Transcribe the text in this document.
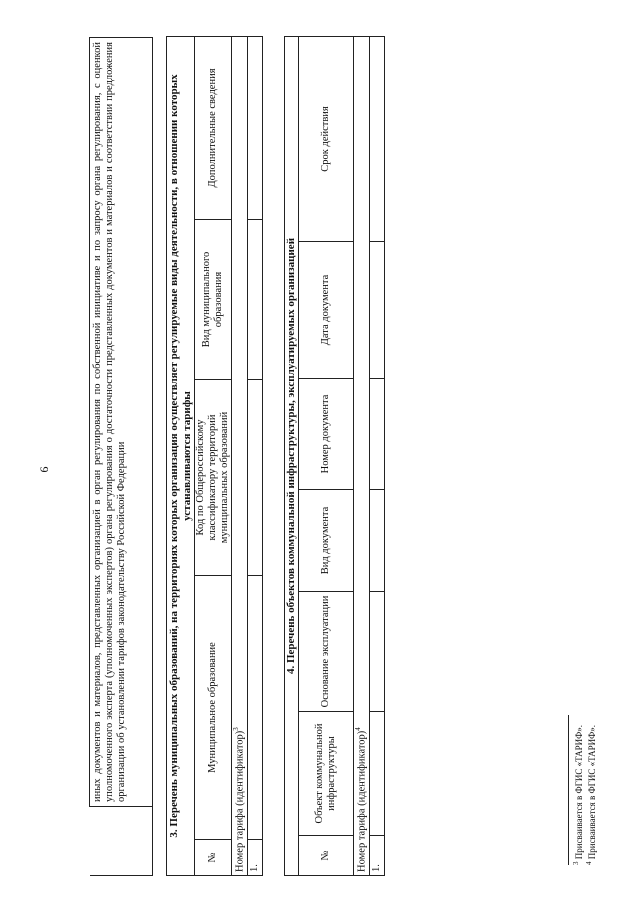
9
		иных документов и материалов, представленных организацией в орган регулирования по собственной инициативе и по запросу органа регулирования, с оценкой уполномоченного эксперта (уполномоченных экспертов) органа регулирования о достаточности представленных документов и материалов и соответствии предложения организации об установлении тарифов законодательству Российской Федерации	3. Перечень муниципальных образований, на территориях которых организация осуществляет регулируемые виды деятельности, в отношении которых устанавливаются тарифы				
№	Муниципальное образование	Код по Общероссийскому классификатору территорий муниципальных образований	Вид муниципального образования	Дополнительные сведения
Номер тарифа (идентификатор)$^3$
1.				
4. Перечень объектов коммунальной инфраструктуры, эксплуатируемых организацией						
№	Объект коммунальной инфраструктуры	Основание эксплуатации	Вид документа	Номер документа	Дата документа	Срок действия
Номер тарифа (идентификатор)$^4$
1.						
$^3$ Присваивается в ФГИС «ТАРИФ».
$^4$ Присваивается в ФГИС «ТАРИФ».
